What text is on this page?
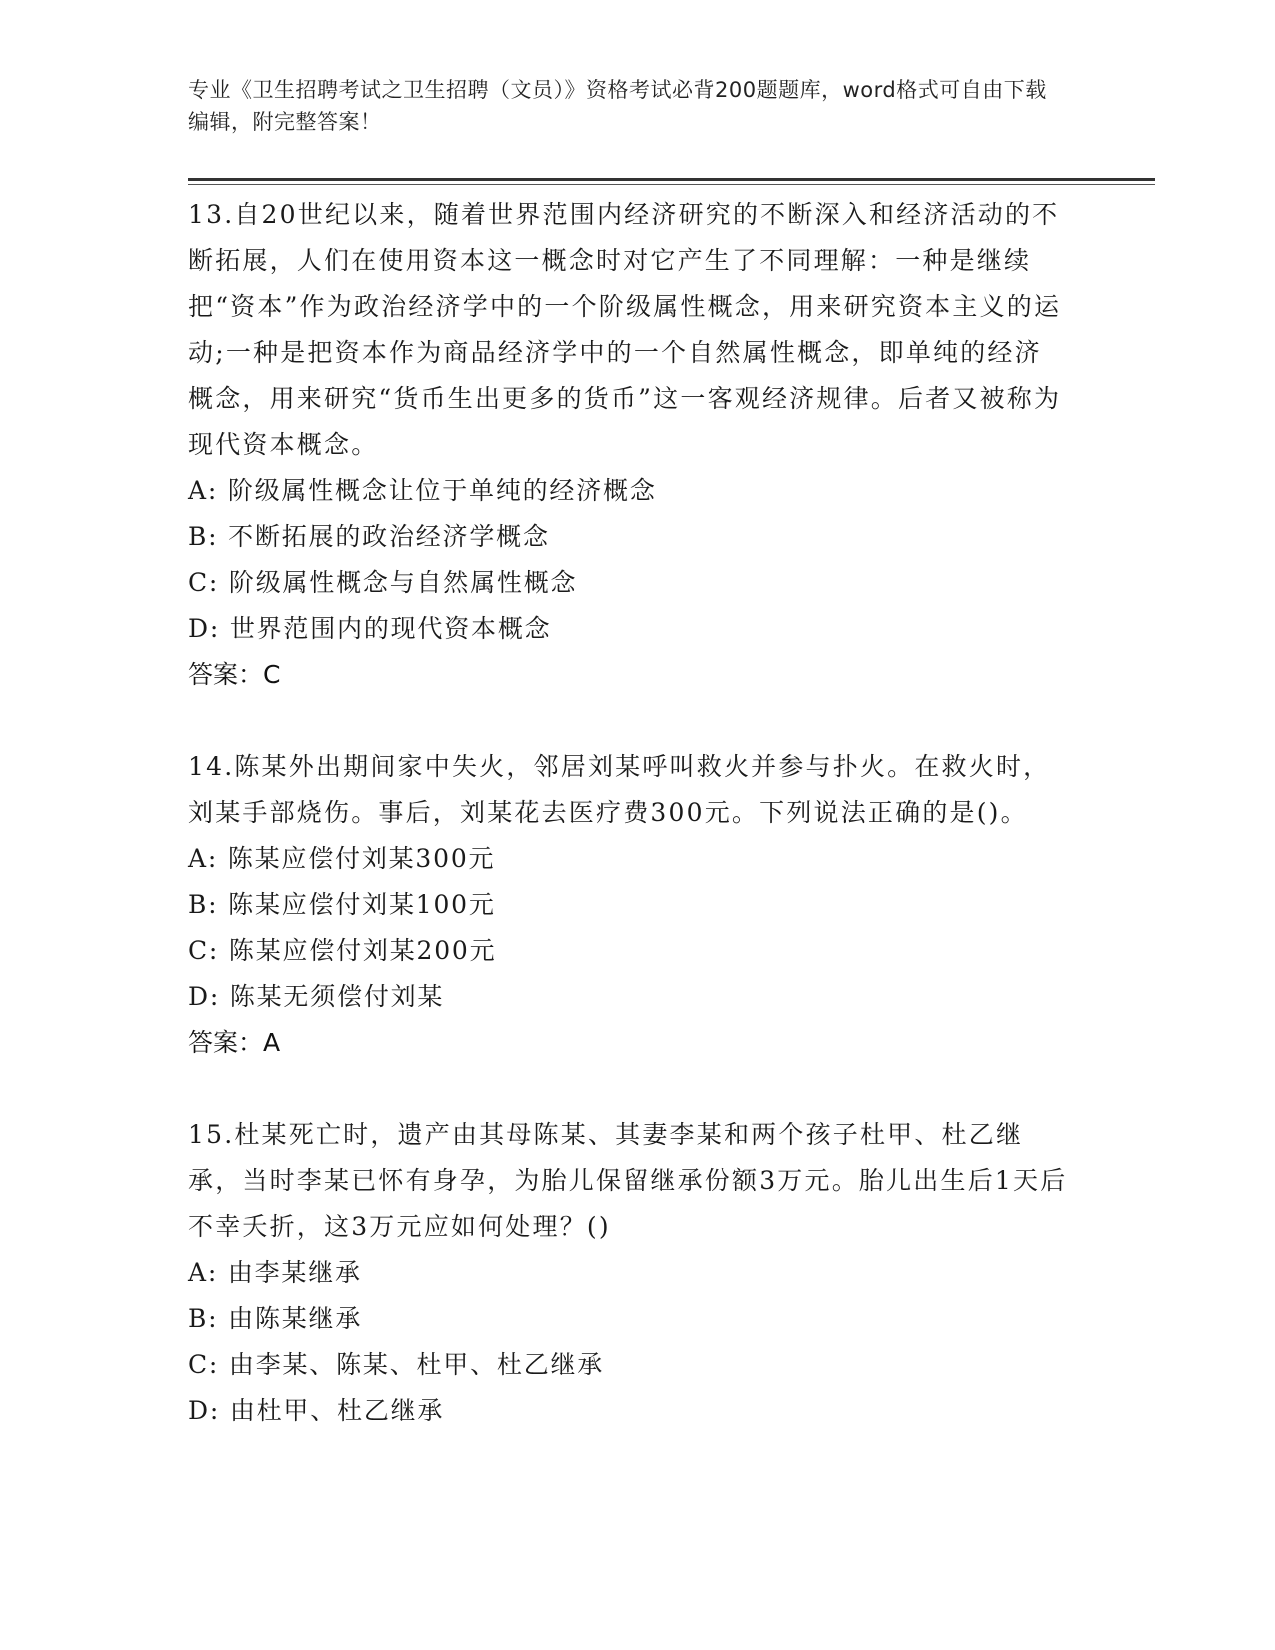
专业《卫生招聘考试之卫生招聘（文员）》资格考试必背200题题库，word格式可自由下载编辑，附完整答案！

13.自20世纪以来，随着世界范围内经济研究的不断深入和经济活动的不断拓展，人们在使用资本这一概念时对它产生了不同理解：一种是继续把“资本”作为政治经济学中的一个阶级属性概念，用来研究资本主义的运动;一种是把资本作为商品经济学中的一个自然属性概念，即单纯的经济概念，用来研究“货币生出更多的货币”这一客观经济规律。后者又被称为现代资本概念。

A: 阶级属性概念让位于单纯的经济概念

B: 不断拓展的政治经济学概念

C: 阶级属性概念与自然属性概念

D: 世界范围内的现代资本概念

答案：C

14.陈某外出期间家中失火，邻居刘某呼叫救火并参与扑火。在救火时，刘某手部烧伤。事后，刘某花去医疗费300元。下列说法正确的是()。

A: 陈某应偿付刘某300元

B: 陈某应偿付刘某100元

C: 陈某应偿付刘某200元

D: 陈某无须偿付刘某

答案：A

15.杜某死亡时，遗产由其母陈某、其妻李某和两个孩子杜甲、杜乙继承，当时李某已怀有身孕，为胎儿保留继承份额3万元。胎儿出生后1天后不幸夭折，这3万元应如何处理？()

A: 由李某继承

B: 由陈某继承

C: 由李某、陈某、杜甲、杜乙继承

D: 由杜甲、杜乙继承
